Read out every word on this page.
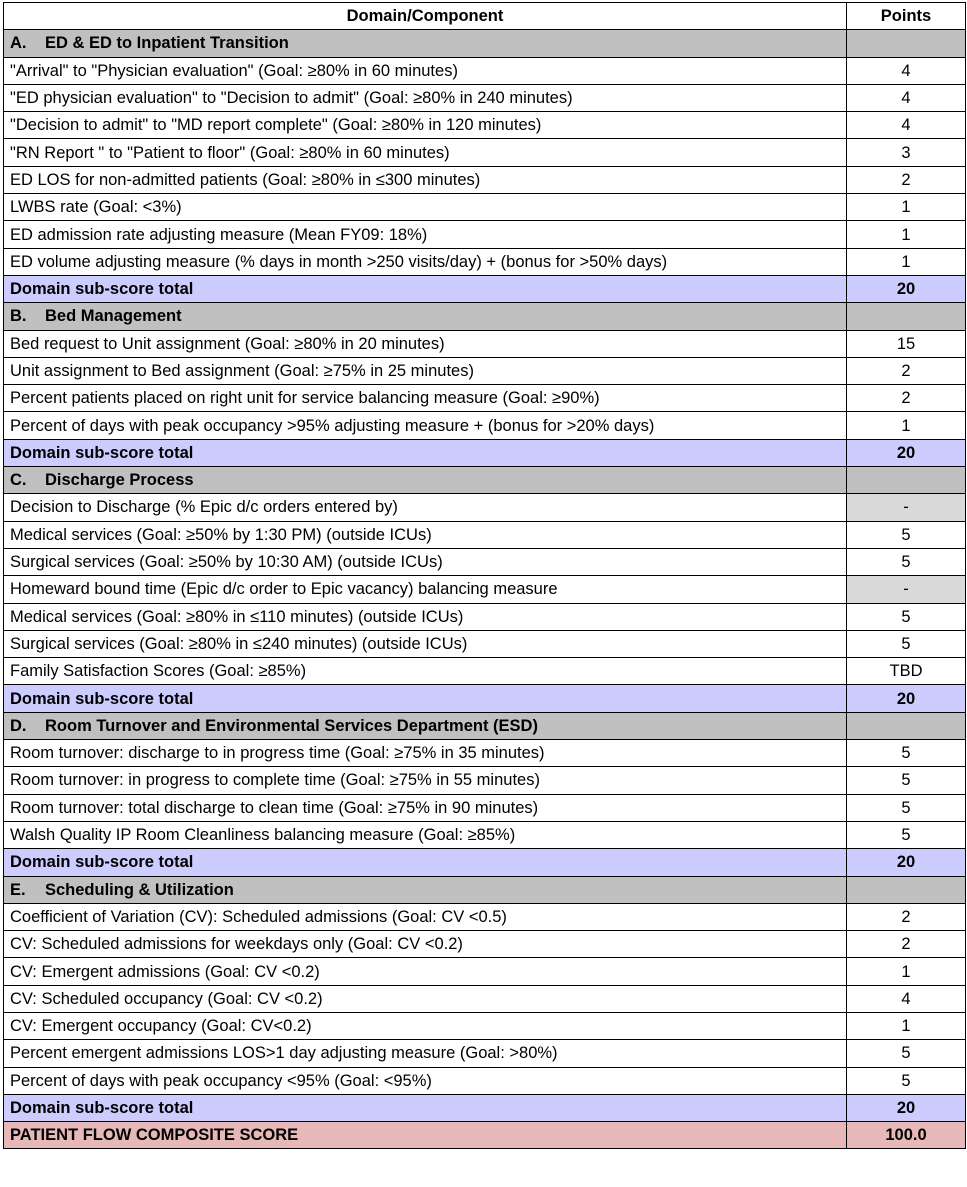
Domain/Component	Points
A. ED & ED to Inpatient Transition	
"Arrival" to "Physician evaluation" (Goal: ≥80% in 60 minutes)	4
"ED physician evaluation" to "Decision to admit" (Goal: ≥80% in 240 minutes)	4
"Decision to admit" to "MD report complete" (Goal: ≥80% in 120 minutes)	4
"RN Report " to "Patient to floor" (Goal: ≥80% in 60 minutes)	3
ED LOS for non-admitted patients (Goal: ≥80% in ≤300 minutes)	2
LWBS rate (Goal: <3%)	1
ED admission rate adjusting measure (Mean FY09: 18%)	1
ED volume adjusting measure (% days in month >250 visits/day) + (bonus for >50% days)	1
Domain sub-score total	20
B. Bed Management	
Bed request to Unit assignment (Goal: ≥80% in 20 minutes)	15
Unit assignment to Bed assignment (Goal: ≥75% in 25 minutes)	2
Percent patients placed on right unit for service balancing measure (Goal: ≥90%)	2
Percent of days with peak occupancy >95% adjusting measure + (bonus for >20% days)	1
Domain sub-score total	20
C. Discharge Process	
Decision to Discharge (% Epic d/c orders entered by)	-
Medical services (Goal: ≥50% by 1:30 PM) (outside ICUs)	5
Surgical services (Goal: ≥50% by 10:30 AM) (outside ICUs)	5
Homeward bound time (Epic d/c order to Epic vacancy) balancing measure	-
Medical services (Goal: ≥80% in ≤110 minutes) (outside ICUs)	5
Surgical services (Goal: ≥80% in ≤240 minutes) (outside ICUs)	5
Family Satisfaction Scores (Goal: ≥85%)	TBD
Domain sub-score total	20
D. Room Turnover and Environmental Services Department (ESD)	
Room turnover: discharge to in progress time (Goal: ≥75% in 35 minutes)	5
Room turnover: in progress to complete time (Goal: ≥75% in 55 minutes)	5
Room turnover: total discharge to clean time (Goal: ≥75% in 90 minutes)	5
Walsh Quality IP Room Cleanliness balancing measure (Goal: ≥85%)	5
Domain sub-score total	20
E. Scheduling & Utilization	
Coefficient of Variation (CV): Scheduled admissions (Goal: CV <0.5)	2
CV: Scheduled admissions for weekdays only (Goal: CV <0.2)	2
CV: Emergent admissions (Goal: CV <0.2)	1
CV: Scheduled occupancy (Goal: CV <0.2)	4
CV: Emergent occupancy (Goal: CV<0.2)	1
Percent emergent admissions LOS>1 day adjusting measure (Goal: >80%)	5
Percent of days with peak occupancy <95% (Goal: <95%)	5
Domain sub-score total	20
PATIENT FLOW COMPOSITE SCORE	100.0
